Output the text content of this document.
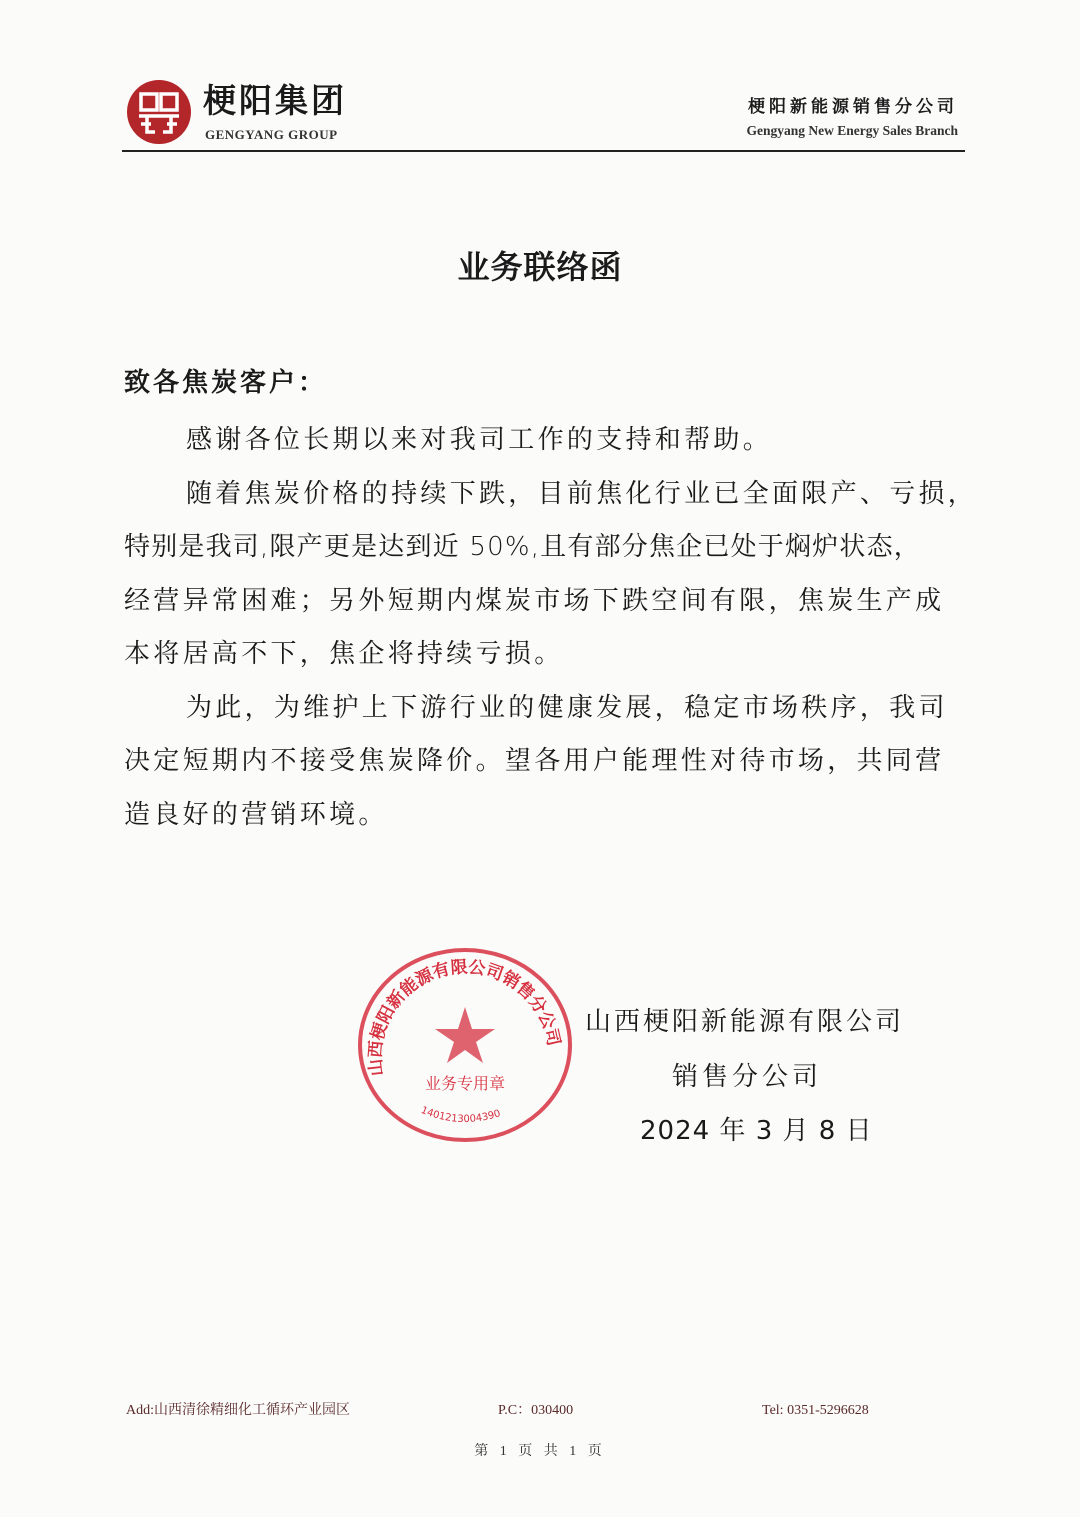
梗阳集团
GENGYANG GROUP
梗阳新能源销售分公司
Gengyang New Energy Sales Branch
业务联络函
致各焦炭客户：
感谢各位长期以来对我司工作的支持和帮助。
随着焦炭价格的持续下跌，目前焦化行业已全面限产、亏损，
特别是我司,限产更是达到近 50%,且有部分焦企已处于焖炉状态，
经营异常困难；另外短期内煤炭市场下跌空间有限，焦炭生产成
本将居高不下，焦企将持续亏损。
为此，为维护上下游行业的健康发展，稳定市场秩序，我司
决定短期内不接受焦炭降价。望各用户能理性对待市场，共同营
造良好的营销环境。
山西梗阳新能源有限公司销售分公司
业务专用章
1401213004390
山西梗阳新能源有限公司
销售分公司
2024 年 3 月 8 日
Add:山西清徐精细化工循环产业园区	P.C：030400	Tel: 0351-5296628
第 1 页 共 1 页
